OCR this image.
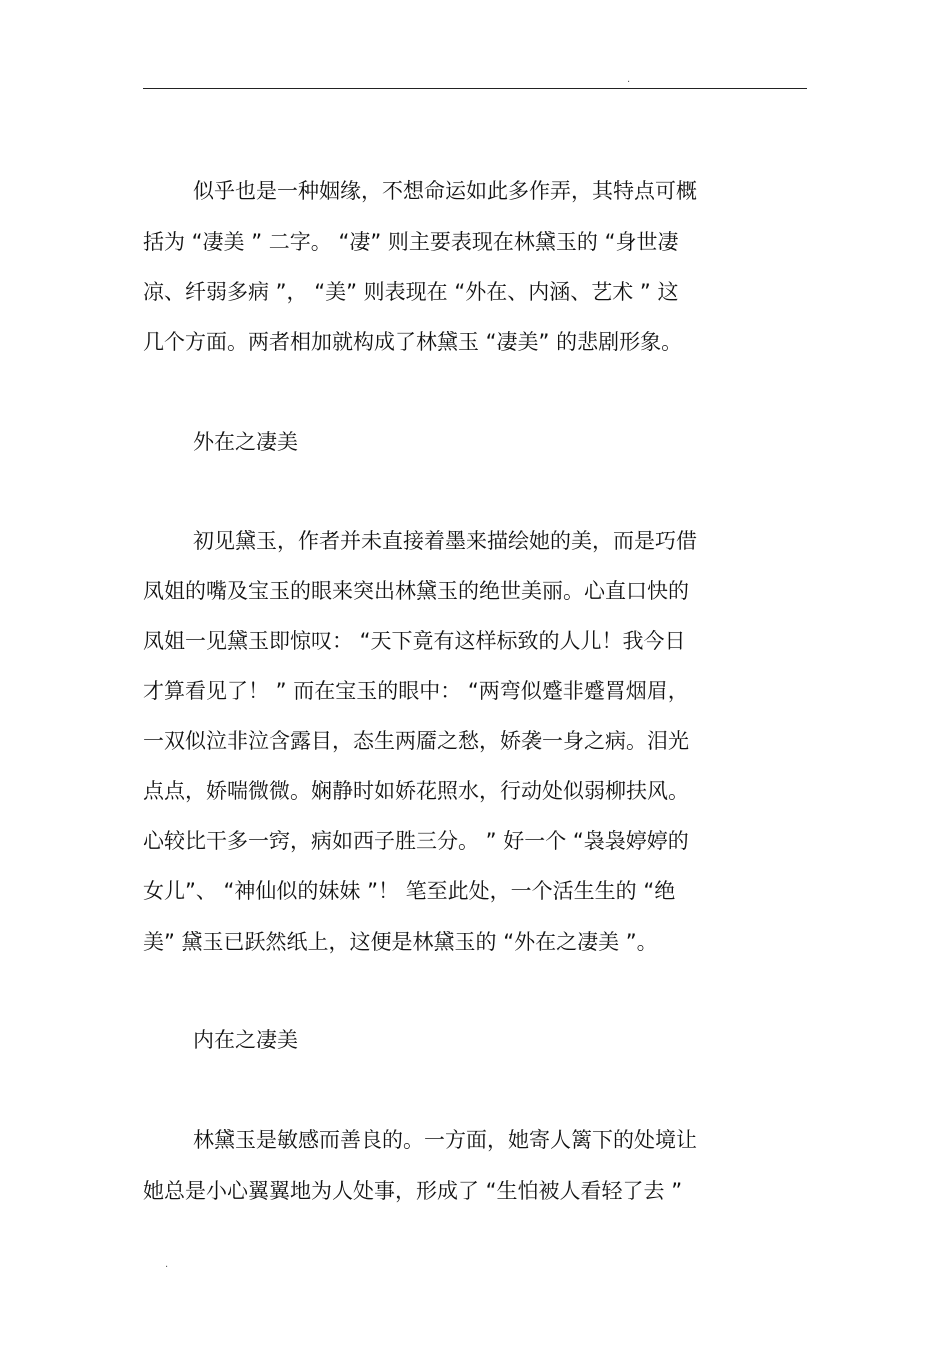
.
似乎也是一种姻缘，不想命运如此多作弄，其特点可概
括为 “凄美 ” 二字。 “凄” 则主要表现在林黛玉的 “身世凄
凉、纤弱多病 ”， “美” 则表现在 “外在、内涵、艺术 ” 这
几个方面。两者相加就构成了林黛玉 “凄美” 的悲剧形象。
外在之凄美
初见黛玉，作者并未直接着墨来描绘她的美，而是巧借
凤姐的嘴及宝玉的眼来突出林黛玉的绝世美丽。心直口快的
凤姐一见黛玉即惊叹： “天下竟有这样标致的人儿！我今日
才算看见了！ ” 而在宝玉的眼中： “两弯似蹙非蹙罥烟眉，
一双似泣非泣含露目，态生两靥之愁，娇袭一身之病。泪光
点点，娇喘微微。娴静时如娇花照水，行动处似弱柳扶风。
心较比干多一窍，病如西子胜三分。 ” 好一个 “袅袅婷婷的
女儿”、 “神仙似的妹妹 ”！ 笔至此处，一个活生生的 “绝
美” 黛玉已跃然纸上，这便是林黛玉的 “外在之凄美 ”。
内在之凄美
林黛玉是敏感而善良的。一方面，她寄人篱下的处境让
她总是小心翼翼地为人处事，形成了 “生怕被人看轻了去 ”
.
